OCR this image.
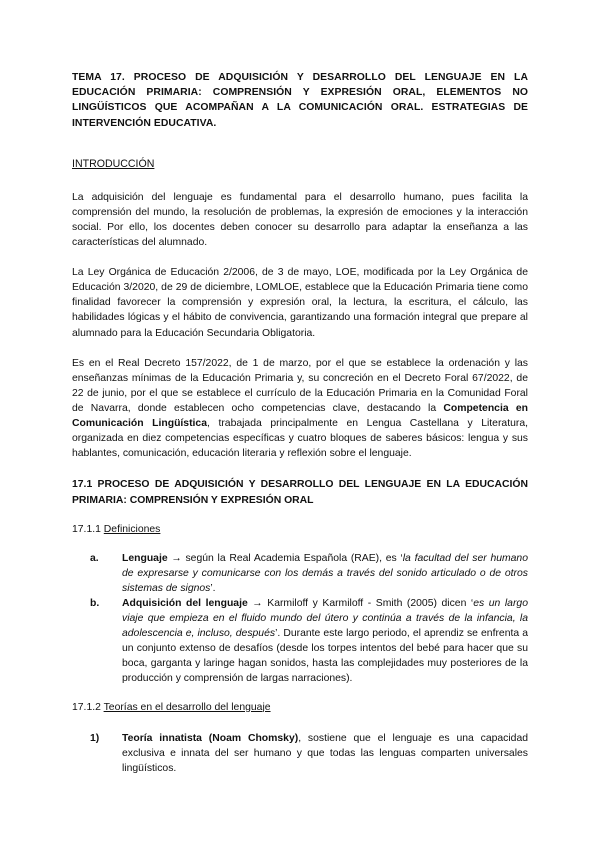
TEMA 17. PROCESO DE ADQUISICIÓN Y DESARROLLO DEL LENGUAJE EN LA EDUCACIÓN PRIMARIA: COMPRENSIÓN Y EXPRESIÓN ORAL, ELEMENTOS NO LINGÜÍSTICOS QUE ACOMPAÑAN A LA COMUNICACIÓN ORAL. ESTRATEGIAS DE INTERVENCIÓN EDUCATIVA.
INTRODUCCIÓN

La adquisición del lenguaje es fundamental para el desarrollo humano, pues facilita la comprensión del mundo, la resolución de problemas, la expresión de emociones y la interacción social. Por ello, los docentes deben conocer su desarrollo para adaptar la enseñanza a las características del alumnado.

La Ley Orgánica de Educación 2/2006, de 3 de mayo, LOE, modificada por la Ley Orgánica de Educación 3/2020, de 29 de diciembre, LOMLOE, establece que la Educación Primaria tiene como finalidad favorecer la comprensión y expresión oral, la lectura, la escritura, el cálculo, las habilidades lógicas y el hábito de convivencia, garantizando una formación integral que prepare al alumnado para la Educación Secundaria Obligatoria.

Es en el Real Decreto 157/2022, de 1 de marzo, por el que se establece la ordenación y las enseñanzas mínimas de la Educación Primaria y, su concreción en el Decreto Foral 67/2022, de 22 de junio, por el que se establece el currículo de la Educación Primaria en la Comunidad Foral de Navarra, donde establecen ocho competencias clave, destacando la Competencia en Comunicación Lingüística, trabajada principalmente en Lengua Castellana y Literatura, organizada en diez competencias específicas y cuatro bloques de saberes básicos: lengua y sus hablantes, comunicación, educación literaria y reflexión sobre el lenguaje.

17.1 PROCESO DE ADQUISICIÓN Y DESARROLLO DEL LENGUAJE EN LA EDUCACIÓN PRIMARIA: COMPRENSIÓN Y EXPRESIÓN ORAL
17.1.1 Definiciones
a. Lenguaje → según la Real Academia Española (RAE), es ‘la facultad del ser humano de expresarse y comunicarse con los demás a través del sonido articulado o de otros sistemas de signos’.
b. Adquisición del lenguaje → Karmiloff y Karmiloff - Smith (2005) dicen ‘es un largo viaje que empieza en el fluido mundo del útero y continúa a través de la infancia, la adolescencia e, incluso, después’. Durante este largo periodo, el aprendiz se enfrenta a un conjunto extenso de desafíos (desde los torpes intentos del bebé para hacer que su boca, garganta y laringe hagan sonidos, hasta las complejidades muy posteriores de la producción y comprensión de largas narraciones).
17.1.2 Teorías en el desarrollo del lenguaje
1) Teoría innatista (Noam Chomsky), sostiene que el lenguaje es una capacidad exclusiva e innata del ser humano y que todas las lenguas comparten universales lingüísticos.
